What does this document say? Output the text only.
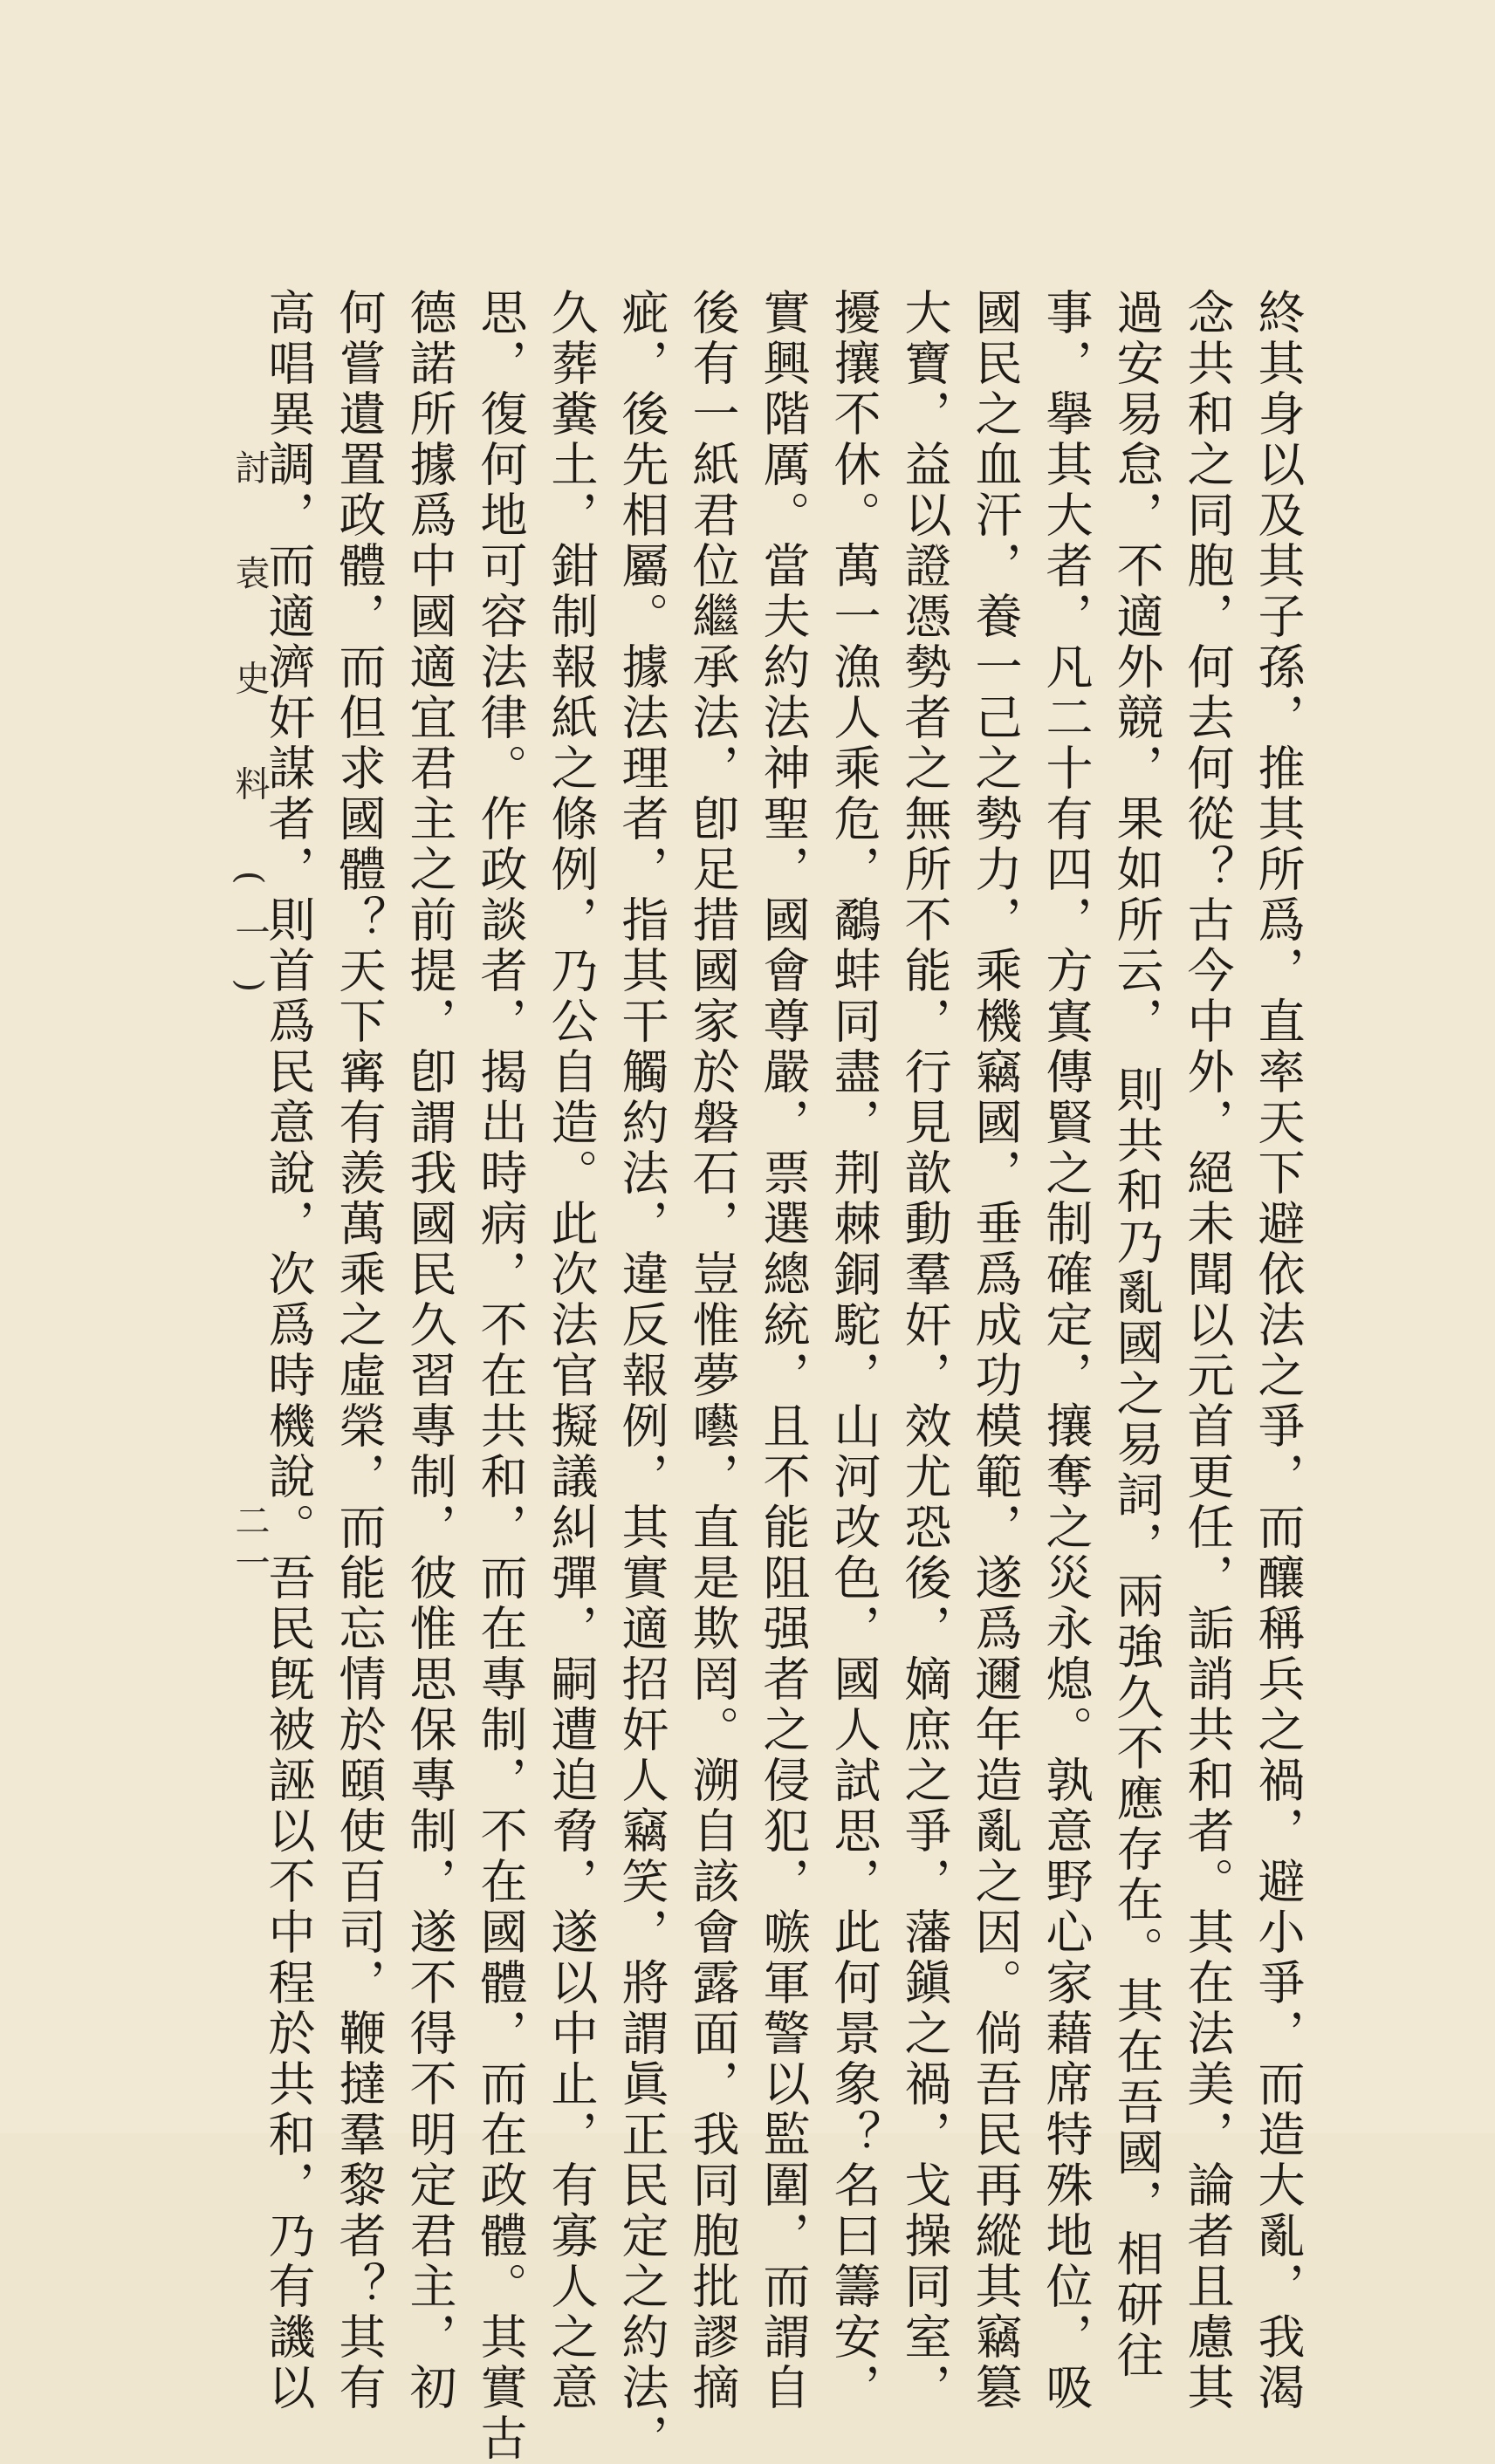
終其身以及其子孫，推其所爲，直率天下避依法之爭，而釀稱兵之禍，避小爭，而造大亂，我渴
念共和之同胞，何去何從？古今中外，絕未聞以元首更任，詬誚共和者。其在法美，論者且慮其
過安易怠，不適外競，果如所云， 則共和乃亂國之易詞，兩強久不應存在。其在吾國，相研往
事，擧其大者，凡二十有四，方寘傳賢之制確定，攘奪之災永熄。孰意野心家藉席特殊地位，吸
國民之血汗，養一己之勢力，乘機竊國，垂爲成功模範，遂爲邇年造亂之因。倘吾民再縱其竊篡
大寶，益以證憑勢者之無所不能，行見歆動羣奸，效尤恐後，嫡庶之爭，藩鎭之禍，戈操同室，
擾攘不休。萬一漁人乘危，鷸蚌同盡，荆棘銅駝，山河改色，國人試思，此何景象？名曰籌安，
實興階厲。當夫約法神聖，國會尊嚴，票選總統，且不能阻强者之侵犯，嗾軍警以監圍，而謂自
後有一紙君位繼承法，卽足措國家於磐石，豈惟夢囈，直是欺罔。溯自該會露面，我同胞批謬摘
疵，後先相屬。據法理者，指其干觸約法，違反報例，其實適招奸人竊笑，將謂眞正民定之約法，
久葬糞土，鉗制報紙之條例，乃公自造。此次法官擬議糾彈，嗣遭迫脅，遂以中止，有寡人之意
思，復何地可容法律。作政談者，揭出時病，不在共和，而在專制，不在國體，而在政體。其實古
德諾所據爲中國適宜君主之前提，卽謂我國民久習專制，彼惟思保專制，遂不得不明定君主，初
何嘗遺置政體，而但求國體？天下寗有羨萬乘之虛榮，而能忘情於頤使百司，鞭撻羣黎者？其有
高唱異調，而適濟奸謀者，則首爲民意說，次爲時機說。吾民旣被誣以不中程於共和，乃有譏以
討 袁 史 料 (一)
二一
